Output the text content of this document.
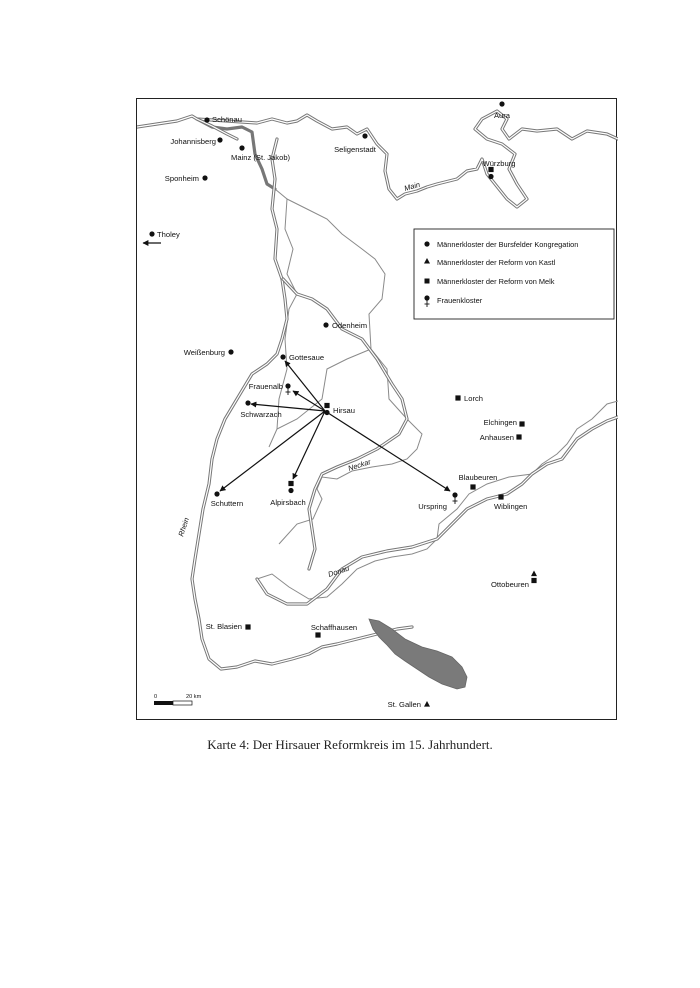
Schönau	Aura
Johannisberg
Mainz (St. Jakob)
Seligenstadt
Würzburg
Sponheim
Tholey
Odenheim
Weißenburg
Gottesaue
Frauenalb
Hirsau
Schwarzach
Lorch
Elchingen
Anhausen
Blaubeuren
Wiblingen
Urspring
Alpirsbach
Schuttern
Ottobeuren
St. Blasien	Schaffhausen
St. Gallen
Main
Neckar
Rhein
Donau
Männerkloster der Bursfelder Kongregation
Männerkloster der Reform von Kastl
Männerkloster der Reform von Melk
Frauenkloster
0	20 km
Karte 4: Der Hirsauer Reformkreis im 15. Jahrhundert.
